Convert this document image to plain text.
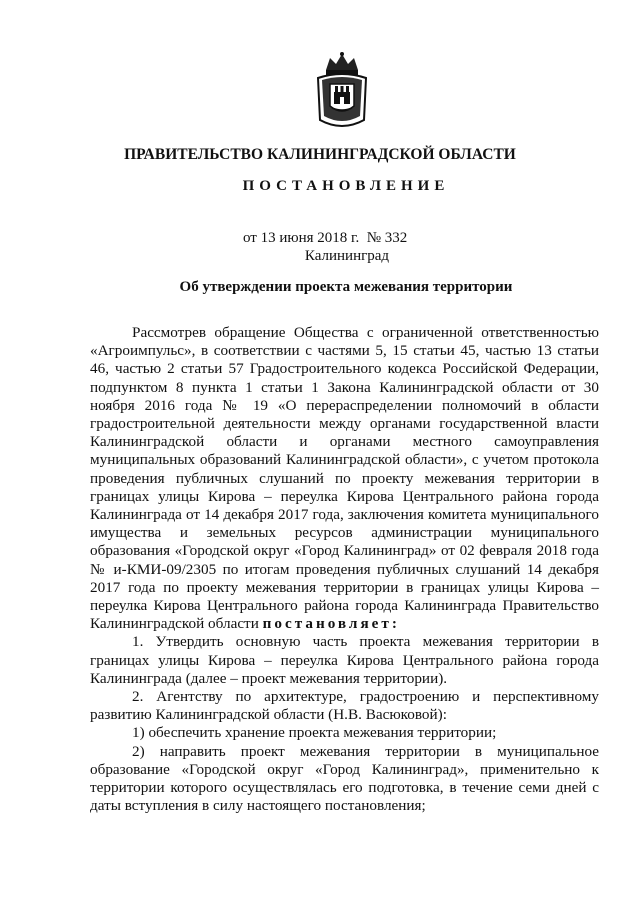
ПРАВИТЕЛЬСТВО КАЛИНИНГРАДСКОЙ ОБЛАСТИ
ПОСТАНОВЛЕНИЕ
от 13 июня 2018 г.  № 332
Калининград
Об утверждении проекта межевания территории

Рассмотрев обращение Общества с ограниченной ответственностью «Агроимпульс», в соответствии с частями 5, 15 статьи 45, частью 13 статьи 46, частью 2 статьи 57 Градостроительного кодекса Российской Федерации, подпунктом 8 пункта 1 статьи 1 Закона Калининградской области от 30 ноября 2016 года № 19 «О перераспределении полномочий в области градостроительной деятельности между органами государственной власти Калининградской области и органами местного самоуправления муниципальных образований Калининградской области», с учетом протокола проведения публичных слушаний по проекту межевания территории в границах улицы Кирова – переулка Кирова Центрального района города Калининграда от 14 декабря 2017 года, заключения комитета муниципального имущества и земельных ресурсов администрации муниципального образования «Городской округ «Город Калининград» от 02 февраля 2018 года № и-КМИ-09/2305 по итогам проведения публичных слушаний 14 декабря 2017 года по проекту межевания территории в границах улицы Кирова – переулка Кирова Центрального района города Калининграда Правительство Калининградской области постановляет:

1. Утвердить основную часть проекта межевания территории в границах улицы Кирова – переулка Кирова Центрального района города Калининграда (далее – проект межевания территории).

2. Агентству по архитектуре, градостроению и перспективному развитию Калининградской области (Н.В. Васюковой):

1) обеспечить хранение проекта межевания территории;

2) направить проект межевания территории в муниципальное образование «Городской округ «Город Калининград», применительно к территории которого осуществлялась его подготовка, в течение семи дней с даты вступления в силу настоящего постановления;
